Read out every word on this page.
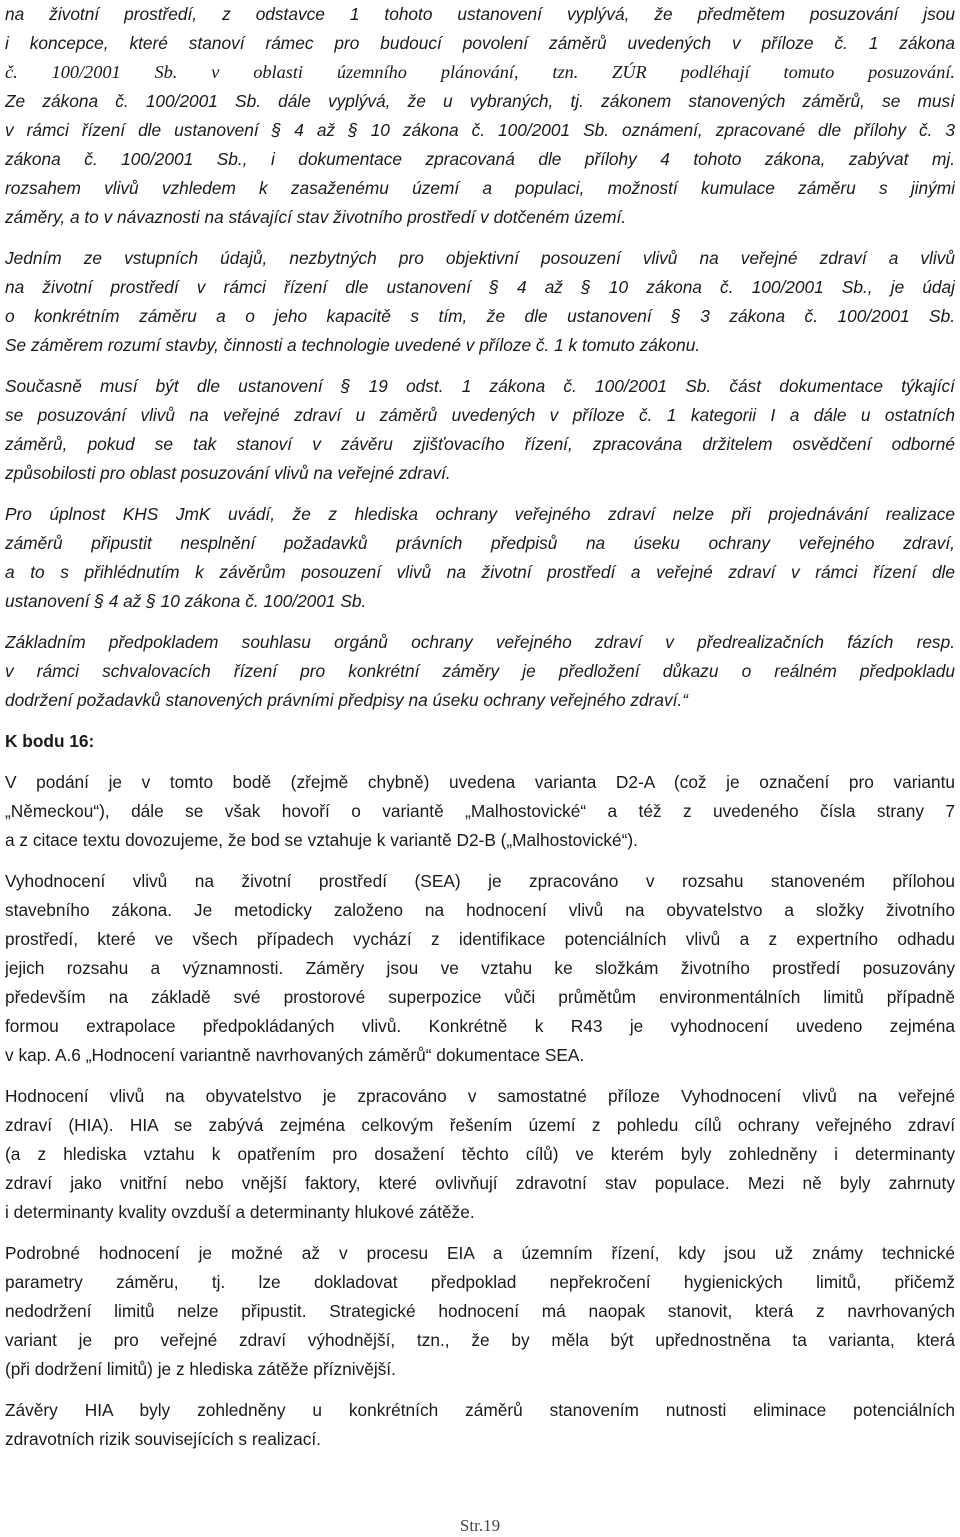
na životní prostředí, z odstavce 1 tohoto ustanovení vyplývá, že předmětem posuzování jsou
i koncepce, které stanoví rámec pro budoucí povolení záměrů uvedených v příloze č. 1 zákona
č. 100/2001 Sb. v oblasti územního plánování, tzn. ZÚR podléhají tomuto posuzování.
Ze zákona č. 100/2001 Sb. dále vyplývá, že u vybraných, tj. zákonem stanovených záměrů, se musí
v rámci řízení dle ustanovení § 4 až § 10 zákona č. 100/2001 Sb. oznámení, zpracované dle přílohy č. 3
zákona č. 100/2001 Sb., i dokumentace zpracovaná dle přílohy 4 tohoto zákona, zabývat mj.
rozsahem vlivů vzhledem k zasaženému území a populaci, možností kumulace záměru s jinými
záměry, a to v návaznosti na stávající stav životního prostředí v dotčeném území.
Jedním ze vstupních údajů, nezbytných pro objektivní posouzení vlivů na veřejné zdraví a vlivů
na životní prostředí v rámci řízení dle ustanovení § 4 až § 10 zákona č. 100/2001 Sb., je údaj
o konkrétním záměru a o jeho kapacitě s tím, že dle ustanovení § 3 zákona č. 100/2001 Sb.
Se záměrem rozumí stavby, činnosti a technologie uvedené v příloze č. 1 k tomuto zákonu.
Současně musí být dle ustanovení § 19 odst. 1 zákona č. 100/2001 Sb. část dokumentace týkající
se posuzování vlivů na veřejné zdraví u záměrů uvedených v příloze č. 1 kategorii I a dále u ostatních
záměrů, pokud se tak stanoví v závěru zjišťovacího řízení, zpracována držitelem osvědčení odborné
způsobilosti pro oblast posuzování vlivů na veřejné zdraví.
Pro úplnost KHS JmK uvádí, že z hlediska ochrany veřejného zdraví nelze při projednávání realizace
záměrů připustit nesplnění požadavků právních předpisů na úseku ochrany veřejného zdraví,
a to s přihlédnutím k závěrům posouzení vlivů na životní prostředí a veřejné zdraví v rámci řízení dle
ustanovení § 4 až § 10 zákona č. 100/2001 Sb.
Základním předpokladem souhlasu orgánů ochrany veřejného zdraví v předrealizačních fázích resp.
v rámci schvalovacích řízení pro konkrétní záměry je předložení důkazu o reálném předpokladu
dodržení požadavků stanovených právními předpisy na úseku ochrany veřejného zdraví.“
K bodu 16:
V podání je v tomto bodě (zřejmě chybně) uvedena varianta D2-A (což je označení pro variantu
„Německou“), dále se však hovoří o variantě „Malhostovické“ a též z uvedeného čísla strany 7
a z citace textu dovozujeme, že bod se vztahuje k variantě D2-B („Malhostovické“).
Vyhodnocení vlivů na životní prostředí (SEA) je zpracováno v rozsahu stanoveném přílohou
stavebního zákona. Je metodicky založeno na hodnocení vlivů na obyvatelstvo a složky životního
prostředí, které ve všech případech vychází z identifikace potenciálních vlivů a z expertního odhadu
jejich rozsahu a významnosti. Záměry jsou ve vztahu ke složkám životního prostředí posuzovány
především na základě své prostorové superpozice vůči průmětům environmentálních limitů případně
formou extrapolace předpokládaných vlivů. Konkrétně k R43 je vyhodnocení uvedeno zejména
v kap. A.6 „Hodnocení variantně navrhovaných záměrů“ dokumentace SEA.
Hodnocení vlivů na obyvatelstvo je zpracováno v samostatné příloze Vyhodnocení vlivů na veřejné
zdraví (HIA). HIA se zabývá zejména celkovým řešením území z pohledu cílů ochrany veřejného zdraví
(a z hlediska vztahu k opatřením pro dosažení těchto cílů) ve kterém byly zohledněny i determinanty
zdraví jako vnitřní nebo vnější faktory, které ovlivňují zdravotní stav populace. Mezi ně byly zahrnuty
i determinanty kvality ovzduší a determinanty hlukové zátěže.
Podrobné hodnocení je možné až v procesu EIA a územním řízení, kdy jsou už známy technické
parametry záměru, tj. lze dokladovat předpoklad nepřekročení hygienických limitů, přičemž
nedodržení limitů nelze připustit. Strategické hodnocení má naopak stanovit, která z navrhovaných
variant je pro veřejné zdraví výhodnější, tzn., že by měla být upřednostněna ta varianta, která
(při dodržení limitů) je z hlediska zátěže příznivější.
Závěry HIA byly zohledněny u konkrétních záměrů stanovením nutnosti eliminace potenciálních
zdravotních rizik souvisejících s realizací.
Str.19
